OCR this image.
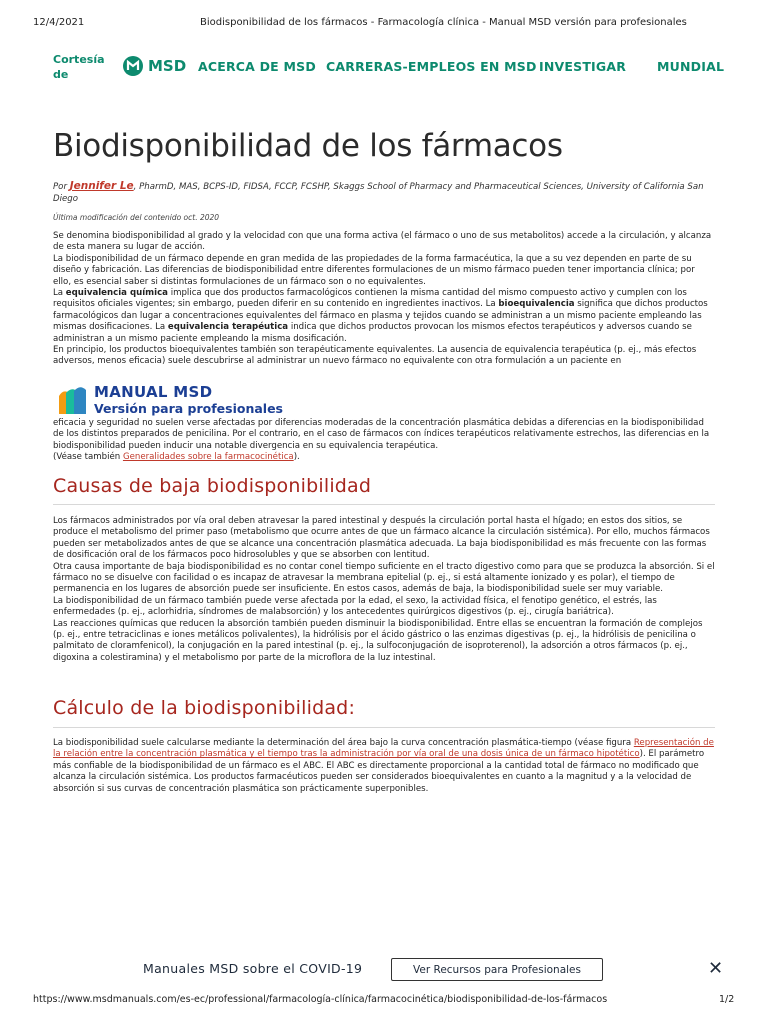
12/4/2021	Biodisponibilidad de los fármacos - Farmacología clínica - Manual MSD versión para profesionales
Cortesía de	MSD ACERCA DE MSD CARRERAS-EMPLEOS EN MSD INVESTIGAR MUNDIAL
Biodisponibilidad de los fármacos
Por Jennifer Le, PharmD, MAS, BCPS-ID, FIDSA, FCCP, FCSHP, Skaggs School of Pharmacy and Pharmaceutical Sciences, University of California San Diego
Última modificación del contenido oct. 2020

Se denomina biodisponibilidad al grado y la velocidad con que una forma activa (el fármaco o uno de sus metabolitos) accede a la circulación, y alcanza de esta manera su lugar de acción.

La biodisponibilidad de un fármaco depende en gran medida de las propiedades de la forma farmacéutica, la que a su vez dependen en parte de su diseño y fabricación. Las diferencias de biodisponibilidad entre diferentes formulaciones de un mismo fármaco pueden tener importancia clínica; por ello, es esencial saber si distintas formulaciones de un fármaco son o no equivalentes.

La equivalencia química implica que dos productos farmacológicos contienen la misma cantidad del mismo compuesto activo y cumplen con los requisitos oficiales vigentes; sin embargo, pueden diferir en su contenido en ingredientes inactivos. La bioequivalencia significa que dichos productos farmacológicos dan lugar a concentraciones equivalentes del fármaco en plasma y tejidos cuando se administran a un mismo paciente empleando las mismas dosificaciones. La equivalencia terapéutica indica que dichos productos provocan los mismos efectos terapéuticos y adversos cuando se administran a un mismo paciente empleando la misma dosificación.

En principio, los productos bioequivalentes también son terapéuticamente equivalentes. La ausencia de equivalencia terapéutica (p. ej., más efectos adversos, menos eficacia) suele descubrirse al administrar un nuevo fármaco no equivalente con otra formulación a un paciente en

MANUAL MSD
Versión para profesionales

eficacia y seguridad no suelen verse afectadas por diferencias moderadas de la concentración plasmática debidas a diferencias en la biodisponibilidad de los distintos preparados de penicilina. Por el contrario, en el caso de fármacos con índices terapéuticos relativamente estrechos, las diferencias en la biodisponibilidad pueden inducir una notable divergencia en su equivalencia terapéutica.

(Véase también Generalidades sobre la farmacocinética).

Causas de baja biodisponibilidad

Los fármacos administrados por vía oral deben atravesar la pared intestinal y después la circulación portal hasta el hígado; en estos dos sitios, se produce el metabolismo del primer paso (metabolismo que ocurre antes de que un fármaco alcance la circulación sistémica). Por ello, muchos fármacos pueden ser metabolizados antes de que se alcance una concentración plasmática adecuada. La baja biodisponibilidad es más frecuente con las formas de dosificación oral de los fármacos poco hidrosolubles y que se absorben con lentitud.

Otra causa importante de baja biodisponibilidad es no contar conel tiempo suficiente en el tracto digestivo como para que se produzca la absorción. Si el fármaco no se disuelve con facilidad o es incapaz de atravesar la membrana epitelial (p. ej., si está altamente ionizado y es polar), el tiempo de permanencia en los lugares de absorción puede ser insuficiente. En estos casos, además de baja, la biodisponibilidad suele ser muy variable.

La biodisponibilidad de un fármaco también puede verse afectada por la edad, el sexo, la actividad física, el fenotipo genético, el estrés, las enfermedades (p. ej., aclorhidria, síndromes de malabsorción) y los antecedentes quirúrgicos digestivos (p. ej., cirugía bariátrica).

Las reacciones químicas que reducen la absorción también pueden disminuir la biodisponibilidad. Entre ellas se encuentran la formación de complejos (p. ej., entre tetraciclinas e iones metálicos polivalentes), la hidrólisis por el ácido gástrico o las enzimas digestivas (p. ej., la hidrólisis de penicilina o palmitato de cloramfenicol), la conjugación en la pared intestinal (p. ej., la sulfoconjugación de isoproterenol), la adsorción a otros fármacos (p. ej., digoxina a colestiramina) y el metabolismo por parte de la microflora de la luz intestinal.

Cálculo de la biodisponibilidad:

La biodisponibilidad suele calcularse mediante la determinación del área bajo la curva concentración plasmática-tiempo (véase figura Representación de la relación entre la concentración plasmática y el tiempo tras la administración por vía oral de una dosis única de un fármaco hipotético). El parámetro más confiable de la biodisponibilidad de un fármaco es el ABC. El ABC es directamente proporcional a la cantidad total de fármaco no modificado que alcanza la circulación sistémica. Los productos farmacéuticos pueden ser considerados bioequivalentes en cuanto a la magnitud y a la velocidad de absorción si sus curvas de concentración plasmática son prácticamente superponibles.

Manuales MSD sobre el COVID-19	Ver Recursos para Profesionales	✕
https://www.msdmanuals.com/es-ec/professional/farmacología-clínica/farmacocinética/biodisponibilidad-de-los-fármacos	1/2
